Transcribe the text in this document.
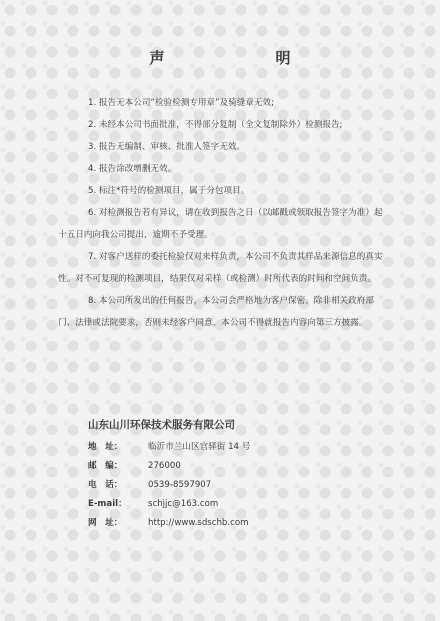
声　明
1. 报告无本公司“检验检测专用章”及骑缝章无效;
2. 未经本公司书面批准，不得部分复制（全文复制除外）检测报告;
3. 报告无编制、审核、批准人签字无效。
4. 报告涂改增删无效。
5. 标注*符号的检测项目，属于分包项目。
6. 对检测报告若有异议，请在收到报告之日（以邮戳或领取报告签字为准）起十五日内向我公司提出，逾期不予受理。
7. 对客户送样的委托检验仅对来样负责，本公司不负责其样品来源信息的真实性。对不可复现的检测项目，结果仅对采样（或检测）时所代表的时间和空间负责。
8. 本公司所发出的任何报告，本公司会严格地为客户保密。除非相关政府部门、法律或法院要求，否则未经客户同意，本公司不得就报告内容向第三方披露。
山东山川环保技术服务有限公司
地　址：	临沂市兰山区官驿街 14 号
邮　编：	276000
电　话：	0539-8597907
E-mail： schjjc@163.com
网　址：	http://www.sdschb.com
